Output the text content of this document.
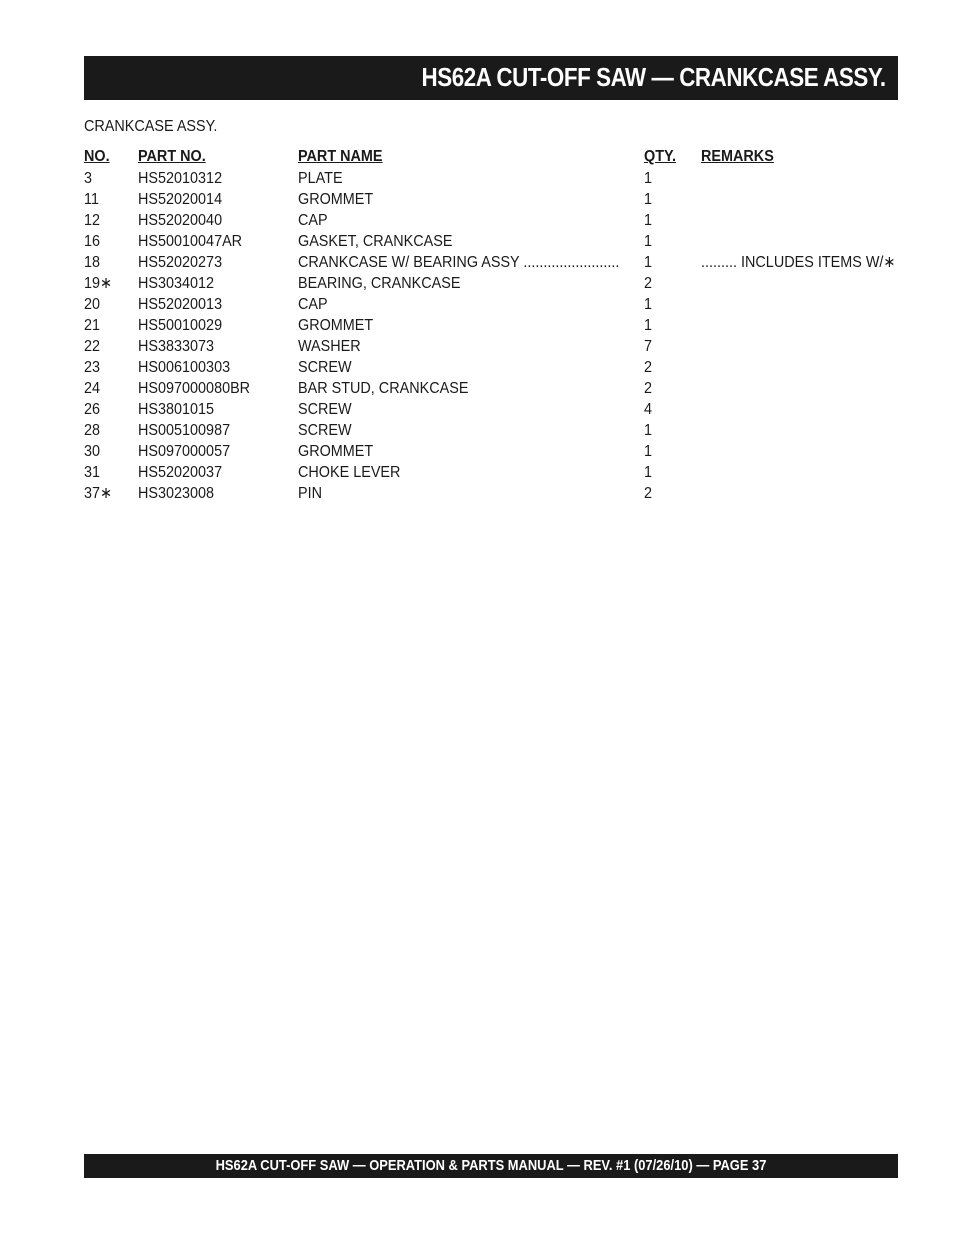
HS62A CUT-OFF SAW — CRANKCASE ASSY.
CRANKCASE ASSY.
NO. PART NO.	PART NAME	QTY. REMARKS
3	HS52010312	PLATE	1
11 HS52020014	GROMMET	1
12 HS52020040	CAP	1
16 HS50010047AR	GASKET, CRANKCASE	1
18 HS52020273	CRANKCASE W/ BEARING ASSY ........................ 1	......... INCLUDES ITEMS W/∗
19∗ HS3034012	BEARING, CRANKCASE	2
20 HS52020013	CAP	1
21 HS50010029	GROMMET	1
22 HS3833073	WASHER	7
23 HS006100303	SCREW	2
24 HS097000080BR	BAR STUD, CRANKCASE	2
26 HS3801015	SCREW	4
28 HS005100987	SCREW	1
30 HS097000057	GROMMET	1
31 HS52020037	CHOKE LEVER	1
37∗ HS3023008	PIN	2
HS62A CUT-OFF SAW — OPERATION & PARTS MANUAL — REV. #1 (07/26/10) — PAGE 37
